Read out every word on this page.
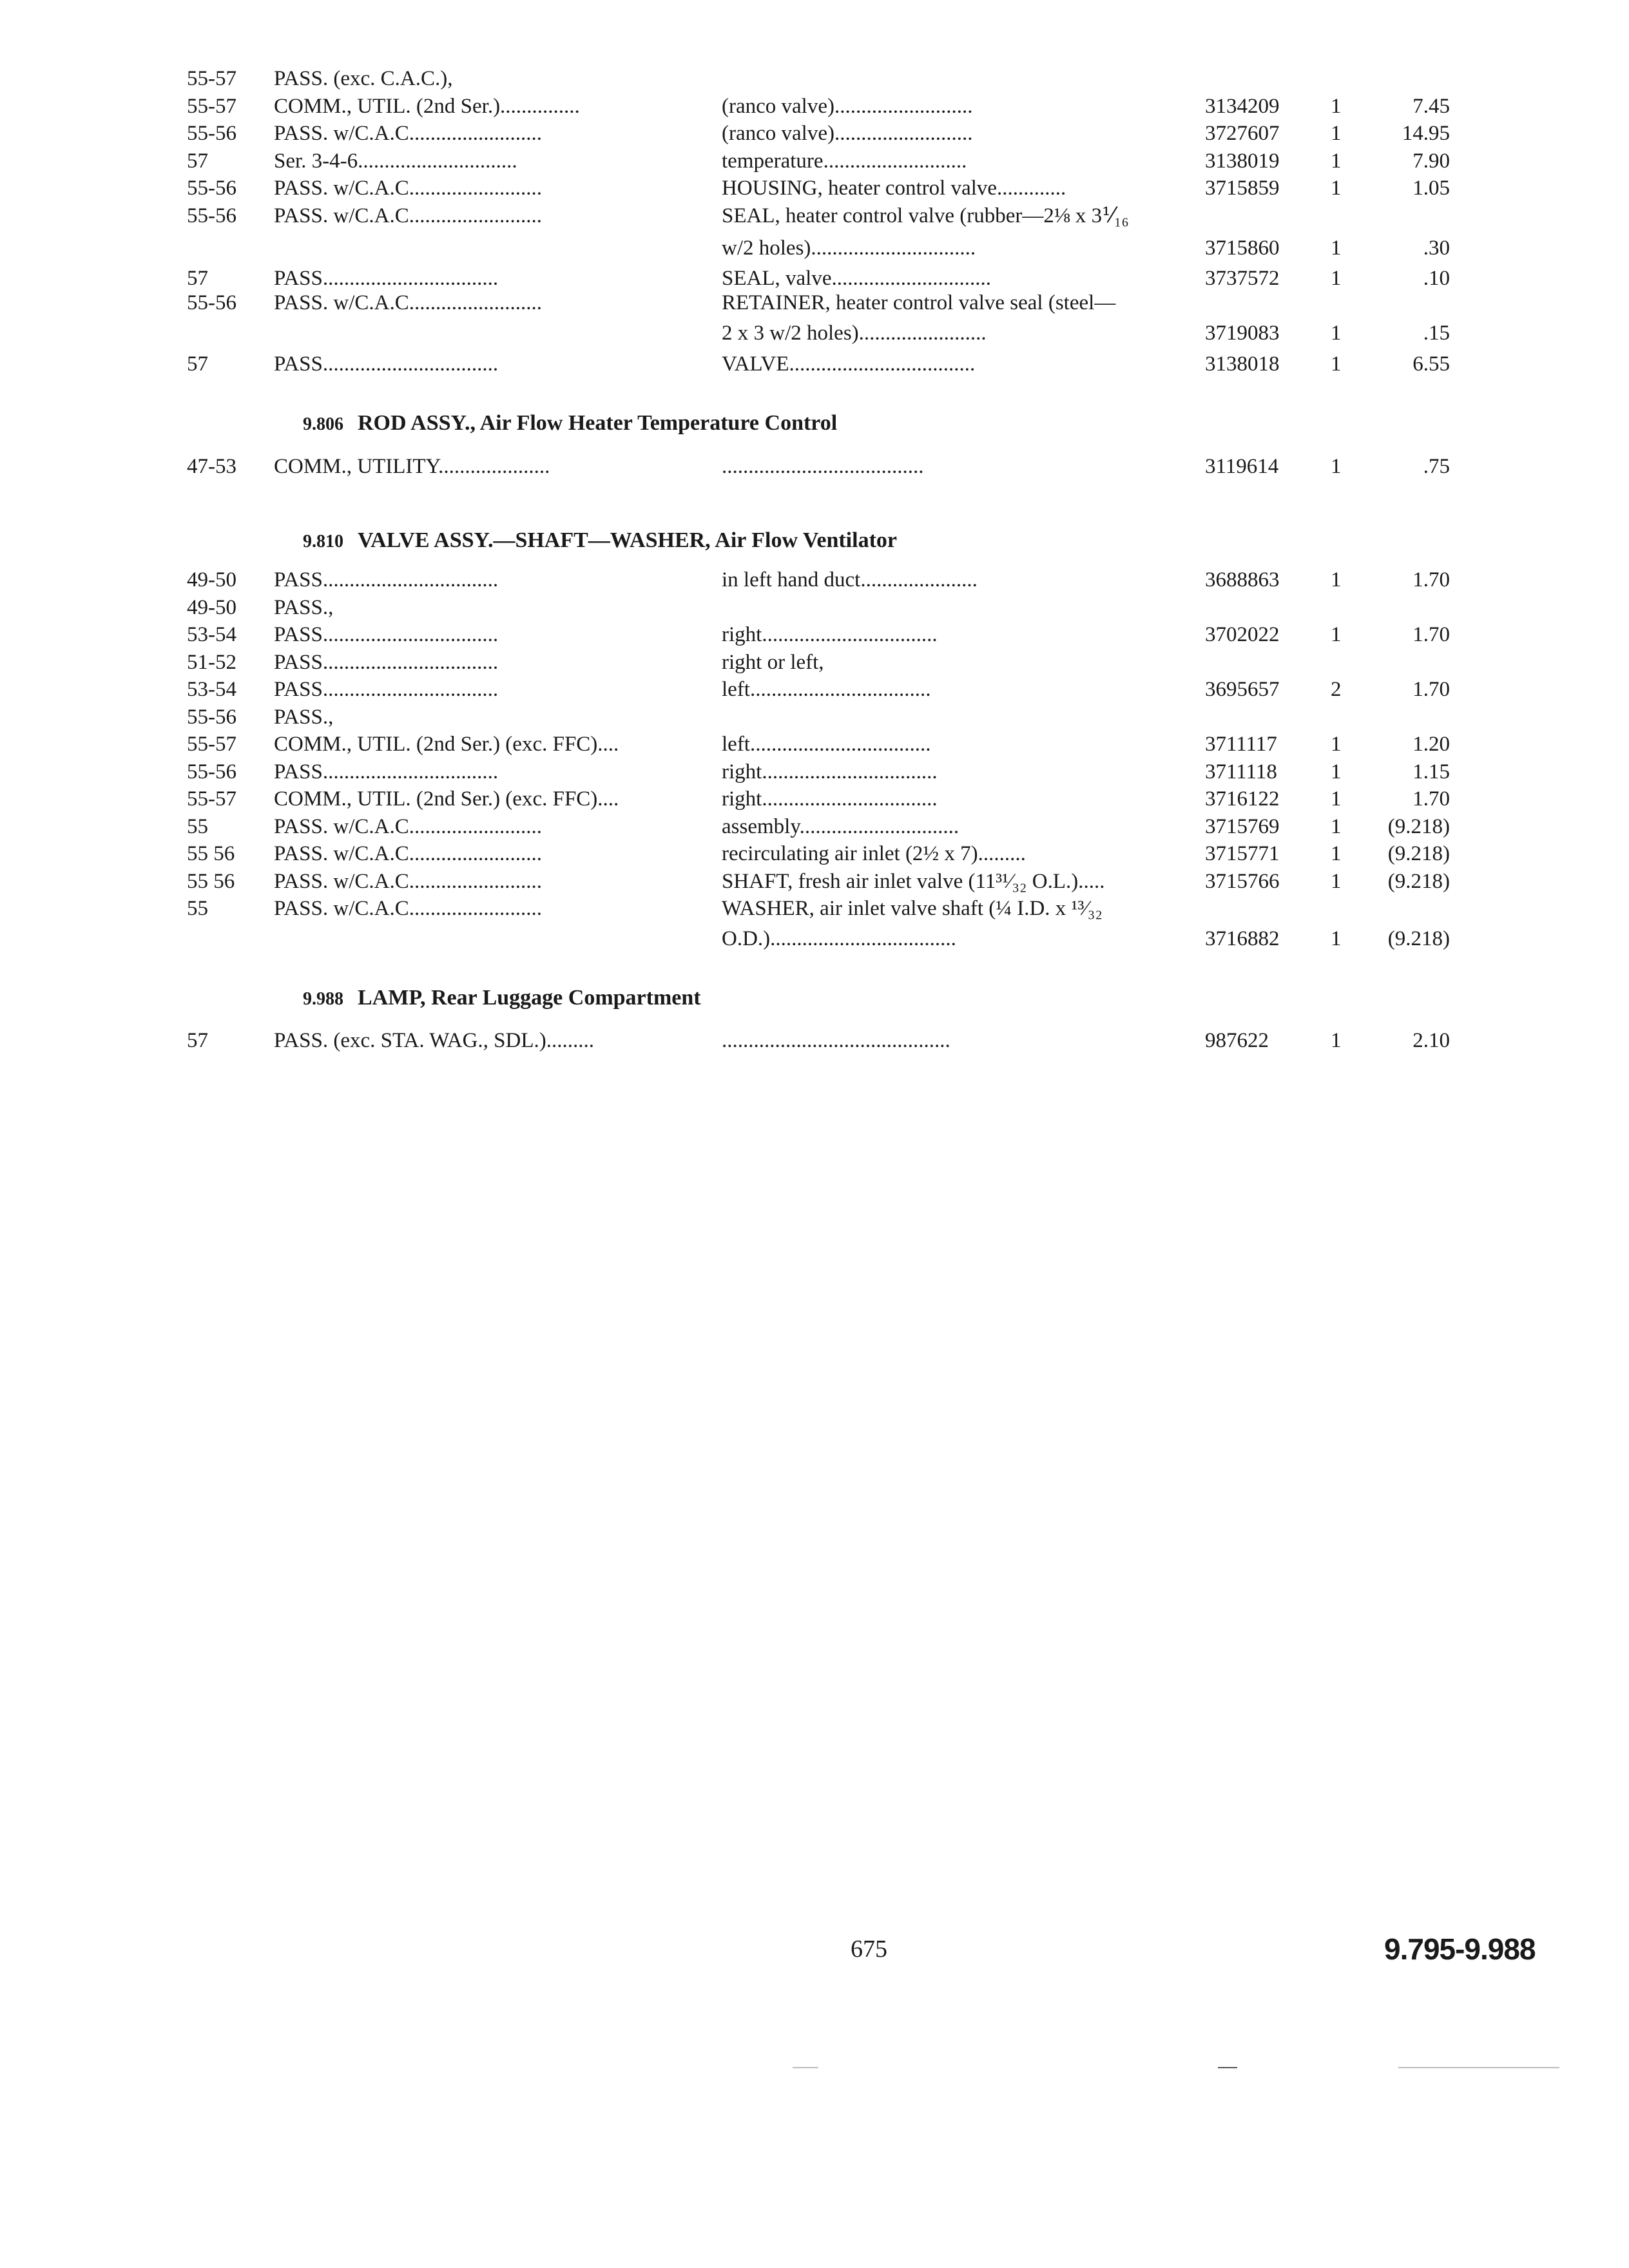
55-57 PASS. (exc. C.A.C.),
55-57 COMM., UTIL. (2nd Ser.)...............	(ranco valve)..........................	3134209 1	7.45
55-56 PASS. w/C.A.C.........................	(ranco valve)..........................	3727607 1	14.95
57	Ser. 3-4-6..............................	temperature...........................	3138019 1	7.90
55-56 PASS. w/C.A.C.........................	HOUSING, heater control valve.............	3715859 1	1.05
55-56 PASS. w/C.A.C.........................	SEAL, heater control valve (rubber—2⅛ x 3⅟₁₆
w/2 holes)...............................	3715860 1	.30
57	PASS.................................	SEAL, valve..............................	3737572 1	.10
55-56 PASS. w/C.A.C.........................	RETAINER, heater control valve seal (steel—
2 x 3 w/2 holes)........................	3719083 1	.15
57	PASS.................................	VALVE...................................	3138018 1	6.55
9.806 ROD ASSY., Air Flow Heater Temperature Control
47-53 COMM., UTILITY.....................	......................................	3119614 1	.75
9.810 VALVE ASSY.—SHAFT—WASHER, Air Flow Ventilator
49-50 PASS.................................	in left hand duct......................	3688863 1	1.70
49-50 PASS.,
53-54 PASS.................................	right.................................	3702022 1	1.70
51-52 PASS.................................	right or left,
53-54 PASS.................................	left..................................	3695657 2	1.70
55-56 PASS.,
55-57 COMM., UTIL. (2nd Ser.) (exc. FFC)....	left..................................	3711117	1	1.20
55-56 PASS.................................	right.................................	3711118	1	1.15
55-57 COMM., UTIL. (2nd Ser.) (exc. FFC)....	right.................................	3716122 1	1.70
55	PASS. w/C.A.C.........................	assembly..............................	3715769 1	(9.218)
55 56 PASS. w/C.A.C.........................	recirculating air inlet (2½ x 7).........	3715771 1	(9.218)
55 56 PASS. w/C.A.C.........................	SHAFT, fresh air inlet valve (11³¹⁄₃₂ O.L.).....	3715766 1	(9.218)
55	PASS. w/C.A.C.........................	WASHER, air inlet valve shaft (¼ I.D. x ¹³⁄₃₂
O.D.)...................................	3716882 1	(9.218)
9.988 LAMP, Rear Luggage Compartment
57	PASS. (exc. STA. WAG., SDL.).........	...........................................	987622	1	2.10
675	9.795-9.988
